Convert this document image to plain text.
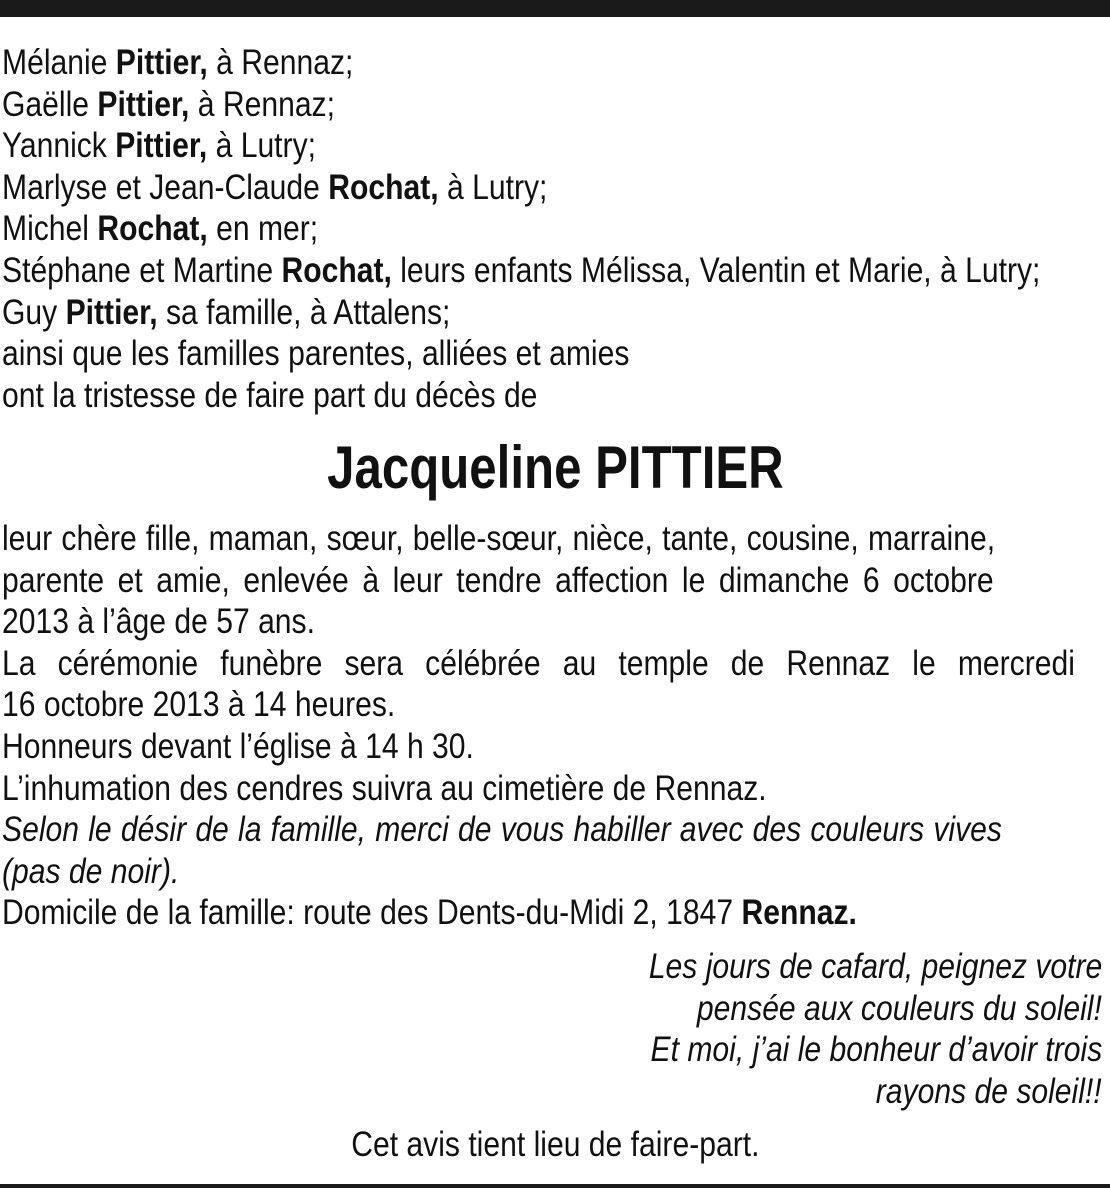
Mélanie Pittier, à Rennaz;
Gaëlle Pittier, à Rennaz;
Yannick Pittier, à Lutry;
Marlyse et Jean-Claude Rochat, à Lutry;
Michel Rochat, en mer;
Stéphane et Martine Rochat, leurs enfants Mélissa, Valentin et Marie, à Lutry;
Guy Pittier, sa famille, à Attalens;
ainsi que les familles parentes, alliées et amies
ont la tristesse de faire part du décès de
Jacqueline PITTIER
leur chère fille, maman, sœur, belle-sœur, nièce, tante, cousine, marraine,
parente et amie, enlevée à leur tendre affection le dimanche 6 octobre
2013 à l’âge de 57 ans.
La cérémonie funèbre sera célébrée au temple de Rennaz le mercredi
16 octobre 2013 à 14 heures.
Honneurs devant l’église à 14 h 30.
L’inhumation des cendres suivra au cimetière de Rennaz.
Selon le désir de la famille, merci de vous habiller avec des couleurs vives
(pas de noir).
Domicile de la famille: route des Dents-du-Midi 2, 1847 Rennaz.
Les jours de cafard, peignez votre
pensée aux couleurs du soleil!
Et moi, j’ai le bonheur d’avoir trois
rayons de soleil!!
Cet avis tient lieu de faire-part.
